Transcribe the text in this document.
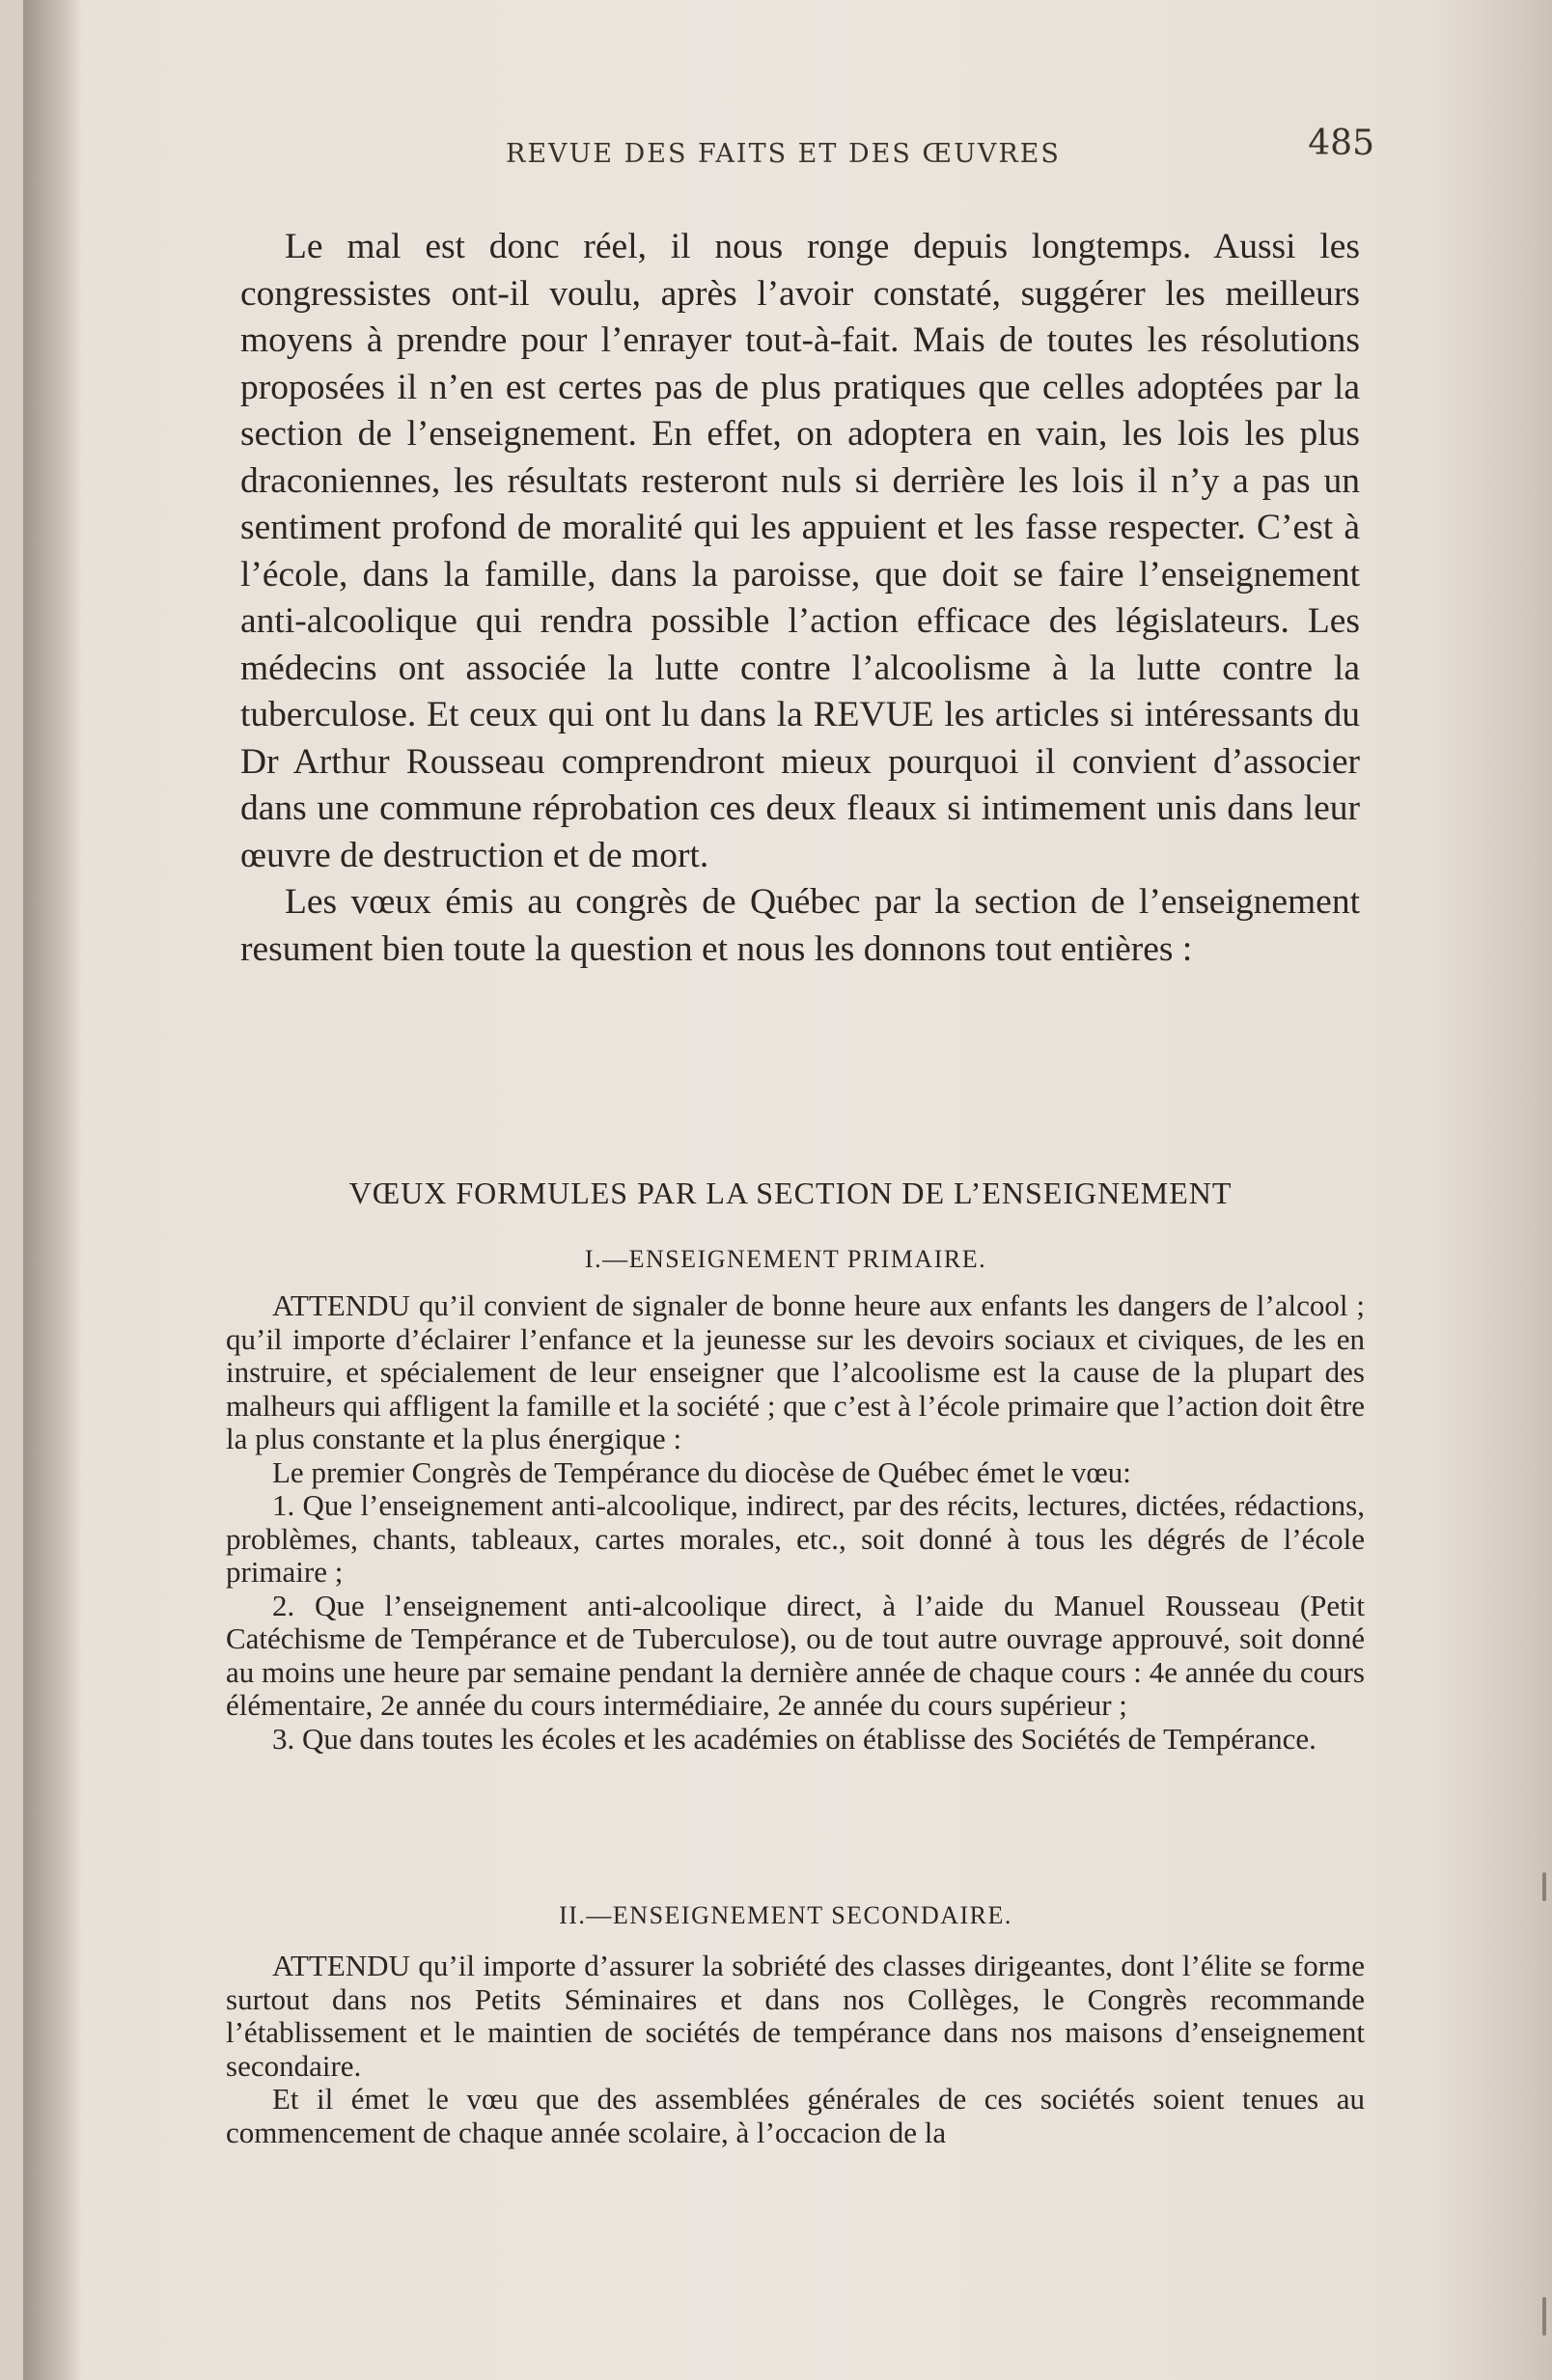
REVUE DES FAITS ET DES ŒUVRES	485

Le mal est donc réel, il nous ronge depuis longtemps. Aussi les congressistes ont-il voulu, après l’avoir constaté, suggérer les meilleurs moyens à prendre pour l’enrayer tout-à-fait. Mais de toutes les résolutions proposées il n’en est certes pas de plus pratiques que celles adoptées par la section de l’enseignement. En effet, on adoptera en vain, les lois les plus draconiennes, les résultats resteront nuls si derrière les lois il n’y a pas un sentiment profond de moralité qui les appuient et les fasse respecter. C’est à l’école, dans la famille, dans la paroisse, que doit se faire l’enseignement anti-alcoolique qui rendra possible l’action efficace des législateurs. Les médecins ont associée la lutte contre l’alcoolisme à la lutte contre la tuberculose. Et ceux qui ont lu dans la REVUE les articles si intéressants du Dr Arthur Rousseau comprendront mieux pourquoi il convient d’associer dans une commune réprobation ces deux fleaux si intimement unis dans leur œuvre de destruction et de mort.

Les vœux émis au congrès de Québec par la section de l’enseignement resument bien toute la question et nous les donnons tout entières :

VŒUX FORMULES PAR LA SECTION DE L’ENSEIGNEMENT
I.—ENSEIGNEMENT PRIMAIRE.

ATTENDU qu’il convient de signaler de bonne heure aux enfants les dangers de l’alcool ; qu’il importe d’éclairer l’enfance et la jeunesse sur les devoirs sociaux et civiques, de les en instruire, et spécialement de leur enseigner que l’alcoolisme est la cause de la plupart des malheurs qui affligent la famille et la société ; que c’est à l’école primaire que l’action doit être la plus constante et la plus énergique :

Le premier Congrès de Tempérance du diocèse de Québec émet le vœu:

1. Que l’enseignement anti-alcoolique, indirect, par des récits, lectures, dictées, rédactions, problèmes, chants, tableaux, cartes morales, etc., soit donné à tous les dégrés de l’école primaire ;

2. Que l’enseignement anti-alcoolique direct, à l’aide du Manuel Rousseau (Petit Catéchisme de Tempérance et de Tuberculose), ou de tout autre ouvrage approuvé, soit donné au moins une heure par semaine pendant la dernière année de chaque cours : 4e année du cours élémentaire, 2e année du cours intermédiaire, 2e année du cours supérieur ;

3. Que dans toutes les écoles et les académies on établisse des Sociétés de Tempérance.

II.—ENSEIGNEMENT SECONDAIRE.

ATTENDU qu’il importe d’assurer la sobriété des classes dirigeantes, dont l’élite se forme surtout dans nos Petits Séminaires et dans nos Collèges, le Congrès recommande l’établissement et le maintien de sociétés de tempérance dans nos maisons d’enseignement secondaire.

Et il émet le vœu que des assemblées générales de ces sociétés soient tenues au commencement de chaque année scolaire, à l’occacion de la
